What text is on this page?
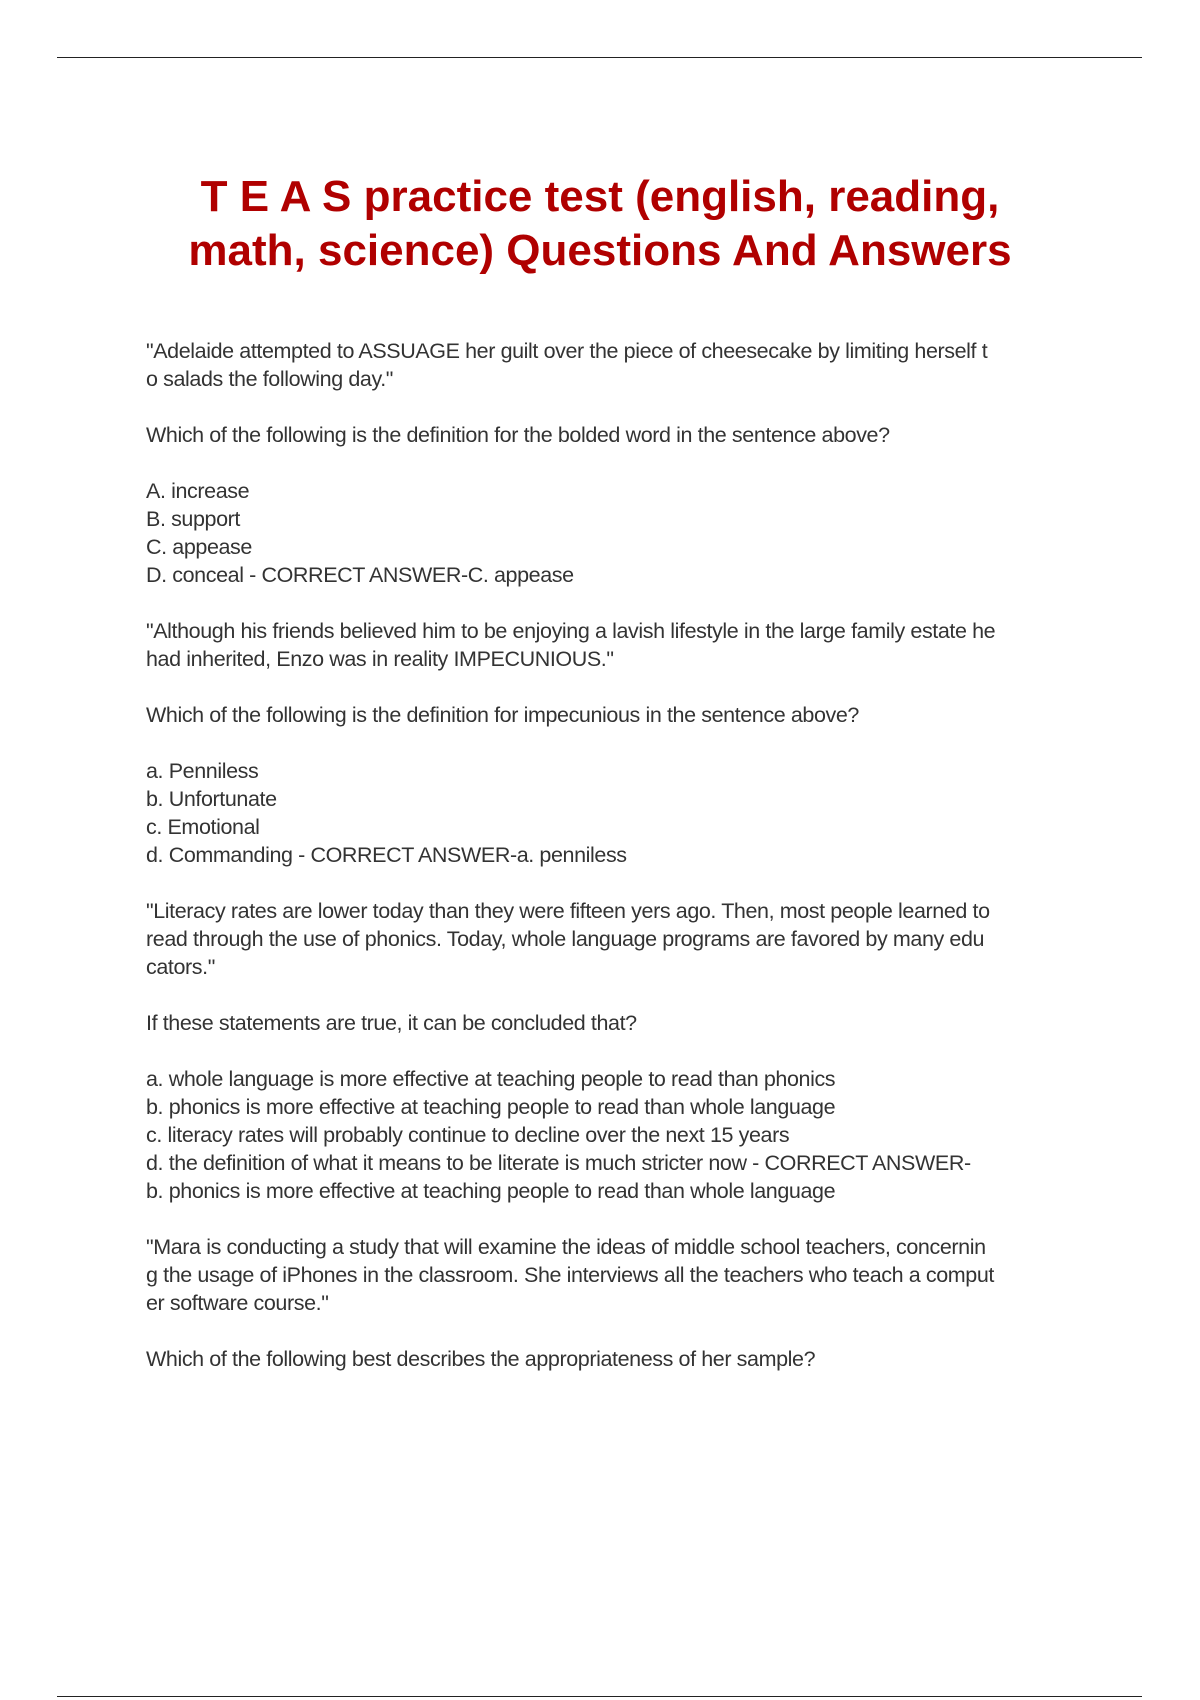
T E A S practice test (english, reading,
math, science) Questions And Answers

"Adelaide attempted to ASSUAGE her guilt over the piece of cheesecake by limiting herself t
o salads the following day."

Which of the following is the definition for the bolded word in the sentence above?

A. increase
B. support
C. appease
D. conceal - CORRECT ANSWER-C. appease

"Although his friends believed him to be enjoying a lavish lifestyle in the large family estate he
had inherited, Enzo was in reality IMPECUNIOUS."

Which of the following is the definition for impecunious in the sentence above?

a. Penniless
b. Unfortunate
c. Emotional
d. Commanding - CORRECT ANSWER-a. penniless

"Literacy rates are lower today than they were fifteen yers ago. Then, most people learned to
read through the use of phonics. Today, whole language programs are favored by many edu
cators."

If these statements are true, it can be concluded that?

a. whole language is more effective at teaching people to read than phonics
b. phonics is more effective at teaching people to read than whole language
c. literacy rates will probably continue to decline over the next 15 years
d. the definition of what it means to be literate is much stricter now - CORRECT ANSWER-
b. phonics is more effective at teaching people to read than whole language

"Mara is conducting a study that will examine the ideas of middle school teachers, concernin
g the usage of iPhones in the classroom. She interviews all the teachers who teach a comput
er software course."

Which of the following best describes the appropriateness of her sample?
